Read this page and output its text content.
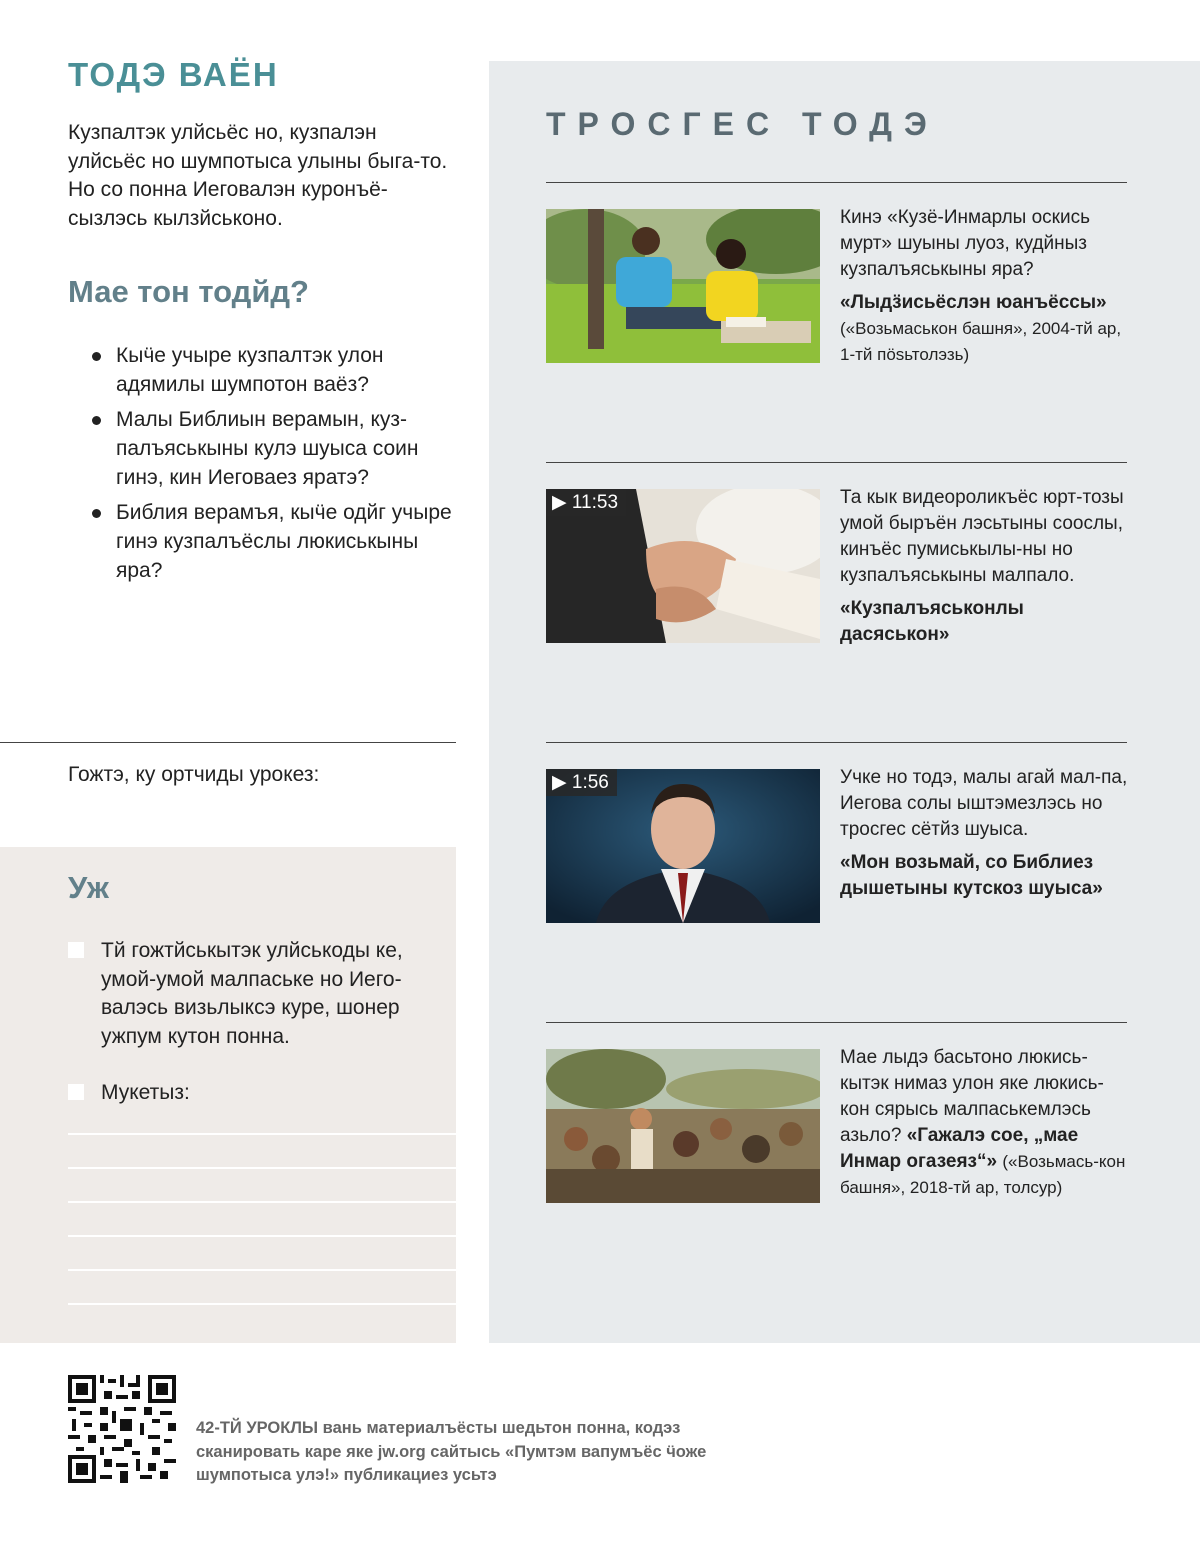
ТОДЭ ВАЁН

Кузпалтэк улйсьёс но, кузпалэн улйсьёс но шумпотыса улыны быга-то. Но со понна Иеговалэн куронъё-сызлэсь кылзйськоно.

Мае тон тодйд?
Кыӵе учыре кузпалтэк улон адямилы шумпотон ваёз?
Малы Библиын верамын, куз-палъяськыны кулэ шуыса соин гинэ, кин Иеговаез яратэ?
Библия верамъя, кыӵе одйг учыре гинэ кузпалъёслы люкиськыны яра?
Гожтэ, ку ортчиды урокез:
Уж
Тй гожтйськытэк улйськоды ке, умой-умой малпаське но Иего-валэсь визьлыксэ куре, шонер ужпум кутон понна.
Мукетыз:
ТРОСГЕС ТОДЭ
Кинэ «Кузё-Инмарлы оскись мурт» шуыны луоз, кудйныз кузпалъяськыны яра?
«Лыдӟисьёслэн юанъёссы»
(«Возьмаськон башня», 2004-тй ар, 1-тй пösьтолэзь)
▶ 11:53	Та кык видеороликъёс юрт-тозы умой быръён лэсьтыны сооcлы, кинъёс пумиськылы-ны но кузпалъяськыны малпало.
«Кузпалъяськонлы дасяськон»
▶ 1:56	Учке но тодэ, малы агай мал-па, Иегова солы ыштэмезлэсь но тросгес сётйз шуыса.
«Мон возьмай, со Библиез дышетыны кутскоз шуыса»
Мае лыдэ басьтоно люкись-кытэк нимаз улон яке люкись-кон сярысь малпаськемлэсь азьло? «Гажалэ сое, „мае Инмар огазеяз“» («Возьмась-кон башня», 2018-тй ар, толсур)

42-ТЙ УРОКЛЫ вань материалъёсты шедьтон понна, кодэз сканировать каре яке jw.org сайтысь «Пумтэм вапумъёс ӵоже шумпотыса улэ!» публикациез усьтэ
